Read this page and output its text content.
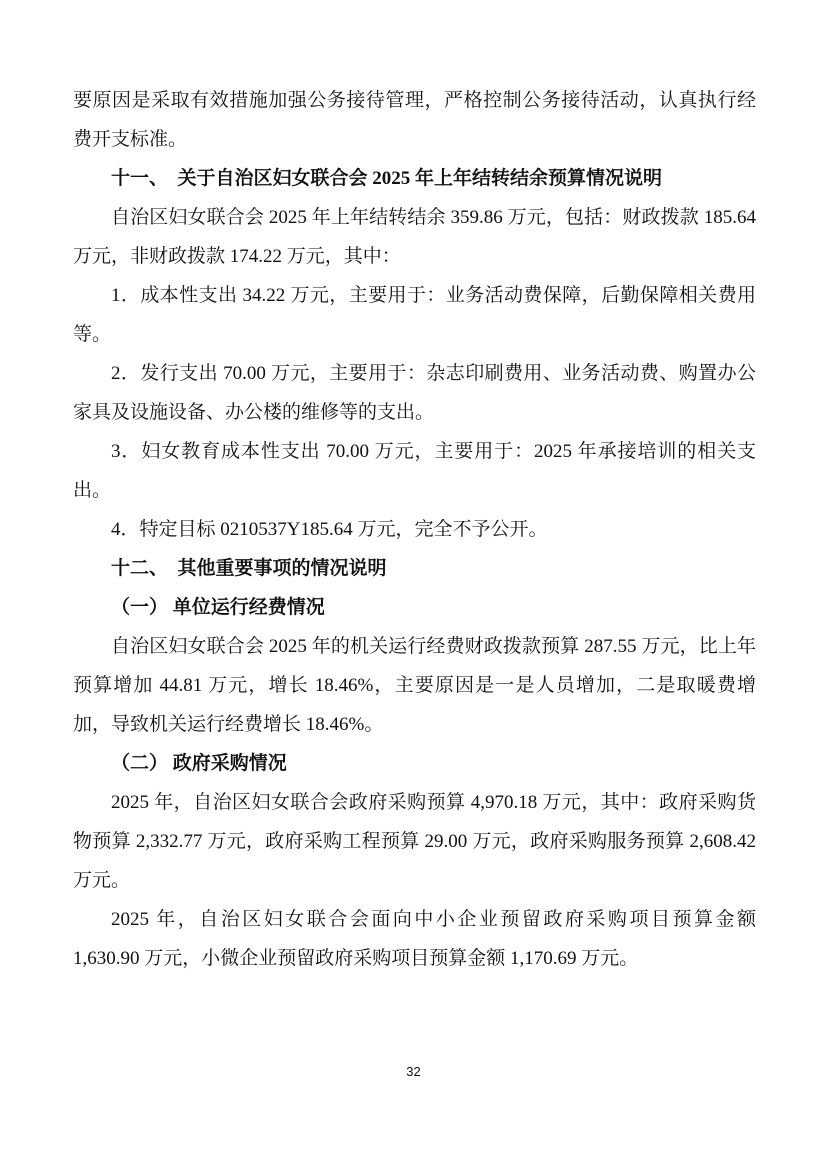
要原因是采取有效措施加强公务接待管理，严格控制公务接待活动，认真执行经费开支标准。

十一、　关于自治区妇女联合会 2025 年上年结转结余预算情况说明

自治区妇女联合会 2025 年上年结转结余 359.86 万元，包括：财政拨款 185.64 万元，非财政拨款 174.22 万元，其中：

1．成本性支出 34.22 万元，主要用于：业务活动费保障，后勤保障相关费用等。

2．发行支出 70.00 万元，主要用于：杂志印刷费用、业务活动费、购置办公家具及设施设备、办公楼的维修等的支出。

3．妇女教育成本性支出 70.00 万元，主要用于：2025 年承接培训的相关支出。

4．特定目标 0210537Y185.64 万元，完全不予公开。

十二、　其他重要事项的情况说明

（一） 单位运行经费情况

自治区妇女联合会 2025 年的机关运行经费财政拨款预算 287.55 万元，比上年预算增加 44.81 万元，增长 18.46%，主要原因是一是人员增加，二是取暖费增加，导致机关运行经费增长 18.46%。

（二） 政府采购情况

2025 年，自治区妇女联合会政府采购预算 4,970.18 万元，其中：政府采购货物预算 2,332.77 万元，政府采购工程预算 29.00 万元，政府采购服务预算 2,608.42 万元。

2025 年，自治区妇女联合会面向中小企业预留政府采购项目预算金额 1,630.90 万元，小微企业预留政府采购项目预算金额 1,170.69 万元。

32
